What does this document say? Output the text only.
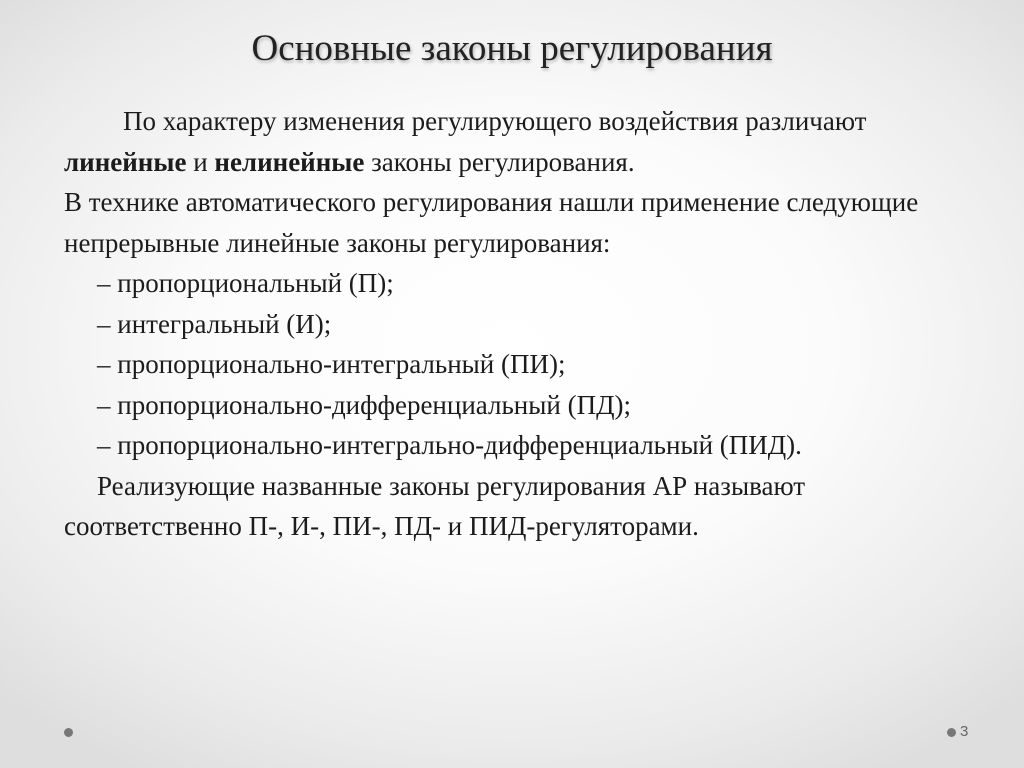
Основные законы регулирования

По характеру изменения регулирующего воздействия различают линейные и нелинейные законы регулирования.

В технике автоматического регулирования нашли применение следующие непрерывные линейные законы регулирования:

– пропорциональный (П);

– интегральный (И);

– пропорционально-интегральный (ПИ);

– пропорционально-дифференциальный (ПД);

– пропорционально-интегрально-дифференциальный (ПИД).

Реализующие названные законы регулирования АР называют соответственно П-, И-, ПИ-, ПД- и ПИД-регуляторами.

3
